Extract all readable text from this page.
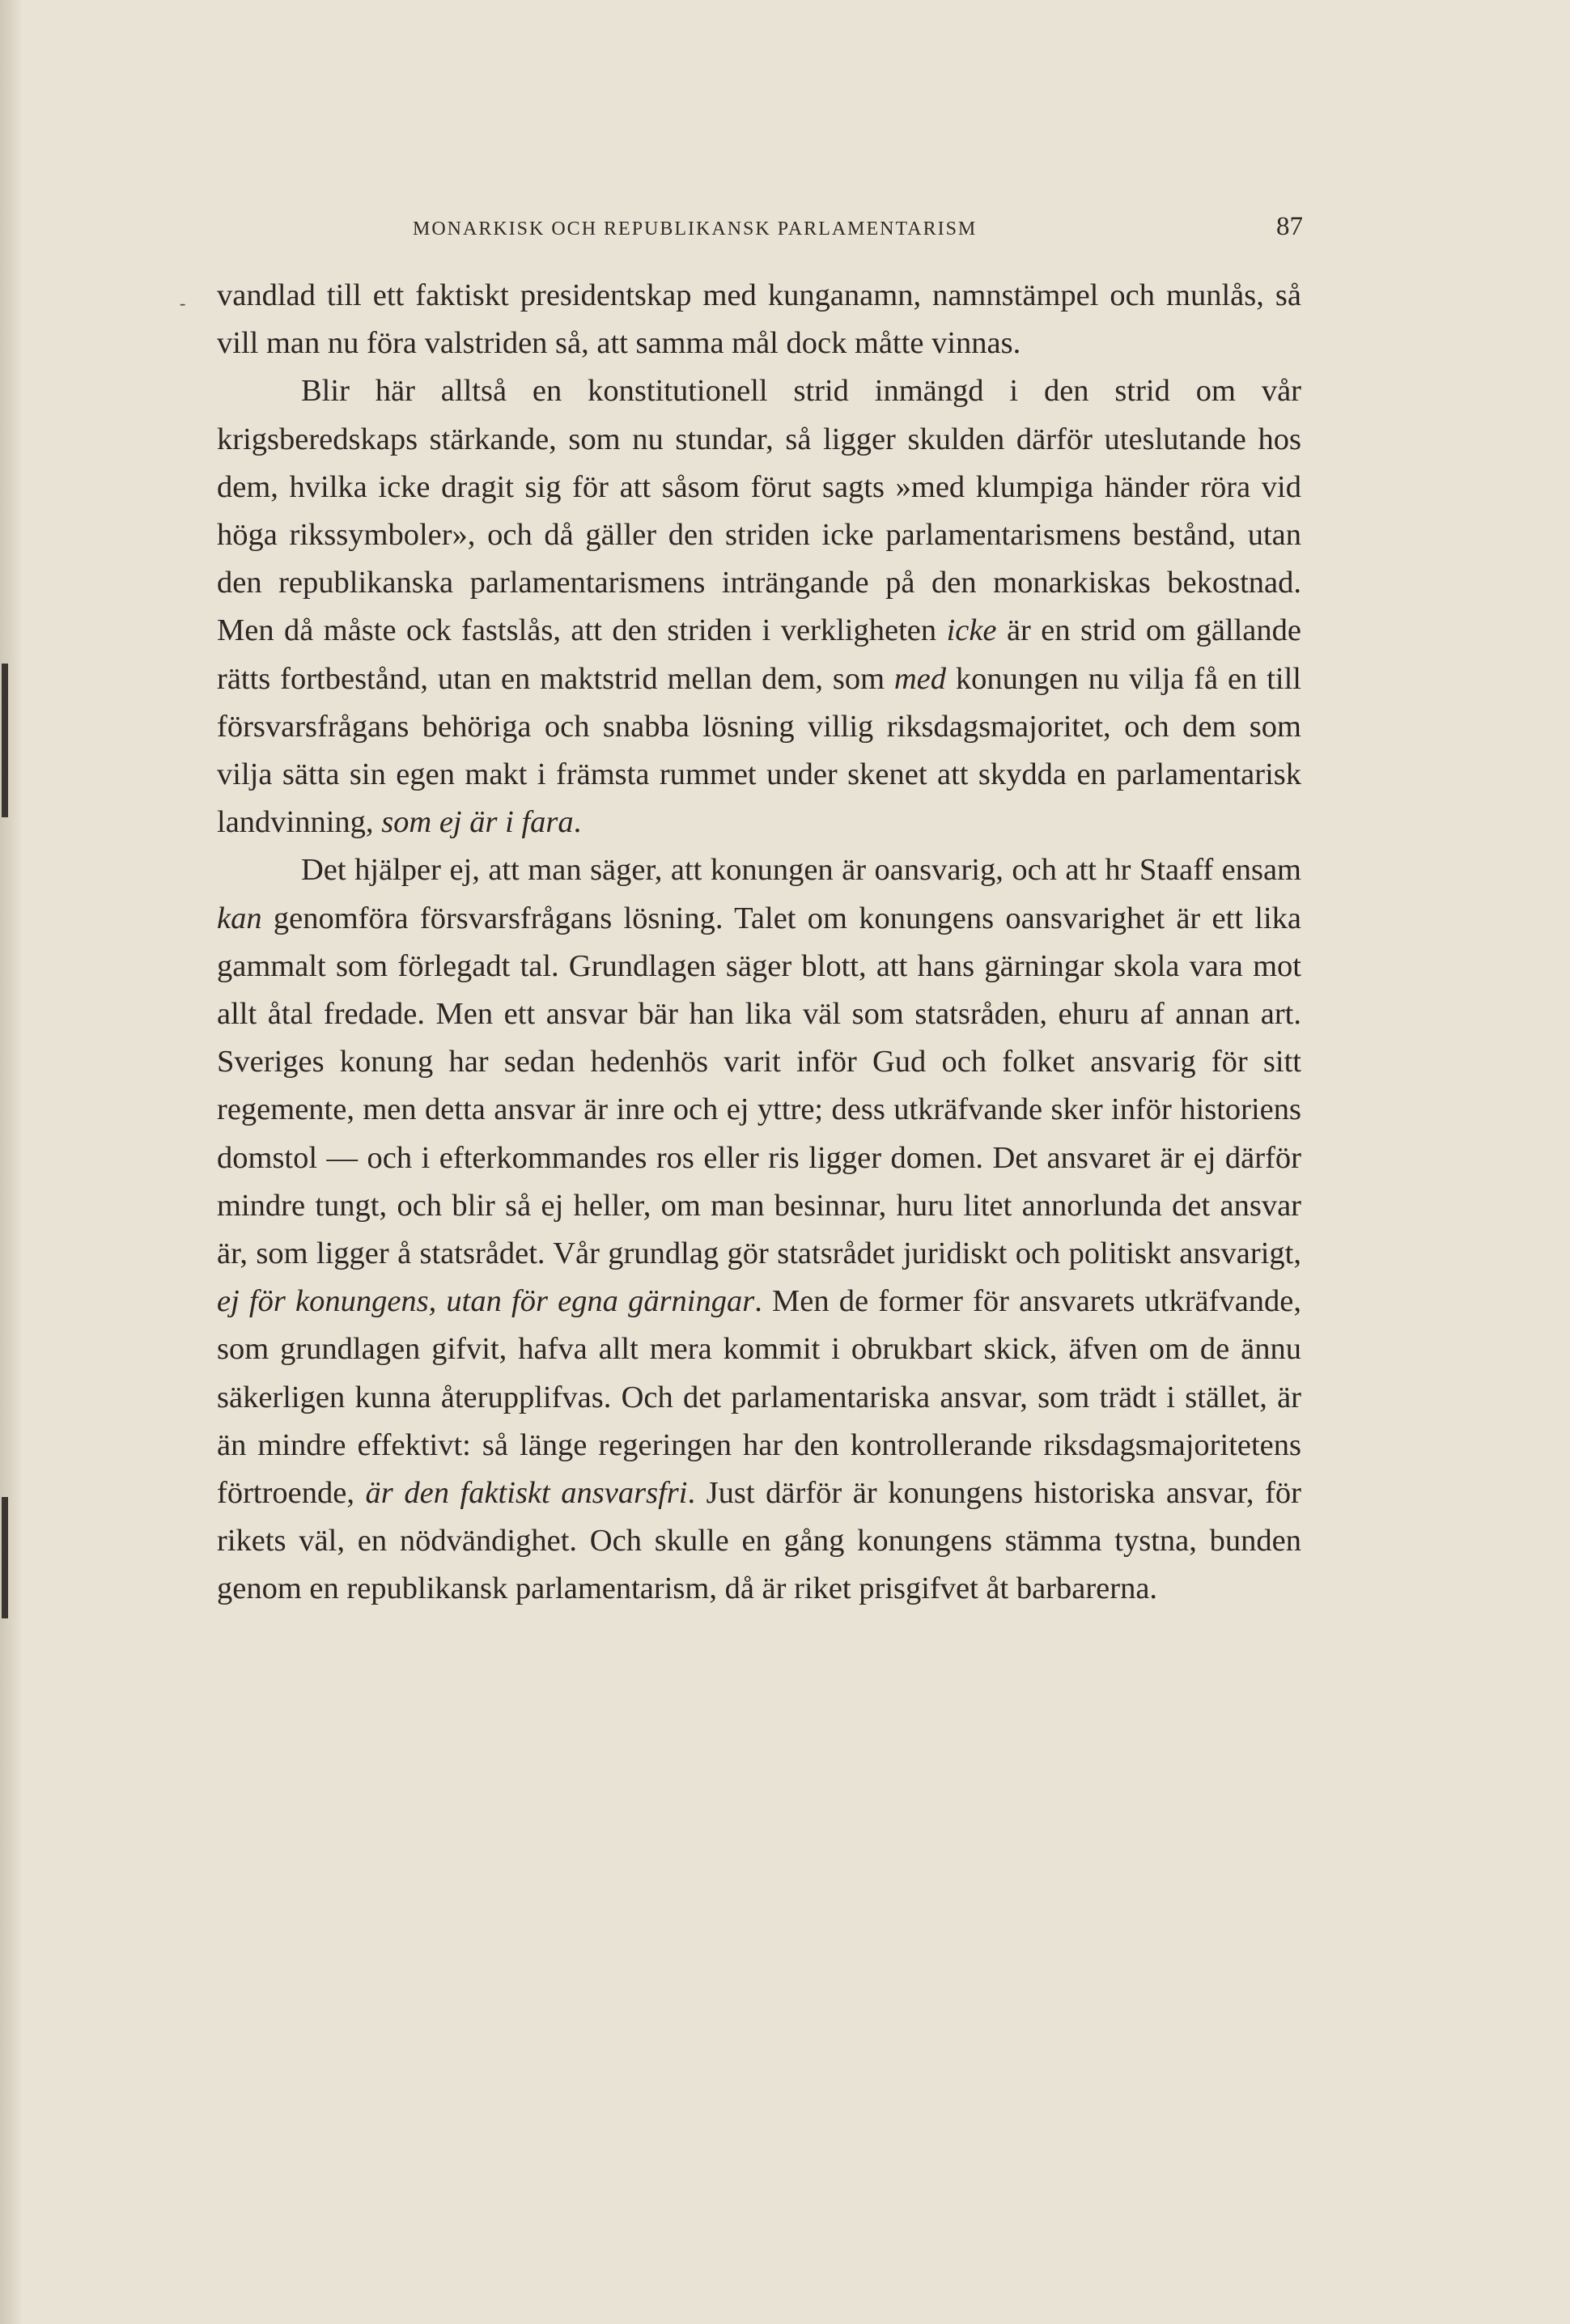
MONARKISK OCH REPUBLIKANSK PARLAMENTARISM	87
- vandlad till ett faktiskt presidentskap med kunganamn, namnstämpel och munlås, så vill man nu föra valstriden så, att samma mål dock måtte vinnas.

Blir här alltså en konstitutionell strid inmängd i den strid om vår krigsberedskaps stärkande, som nu stundar, så ligger skulden därför uteslutande hos dem, hvilka icke dragit sig för att såsom förut sagts »med klumpiga händer röra vid höga rikssymboler», och då gäller den striden icke parlamentarismens bestånd, utan den republikanska parlamentarismens inträngande på den monarkiskas bekostnad. Men då måste ock fastslås, att den striden i verkligheten icke är en strid om gällande rätts fortbestånd, utan en maktstrid mellan dem, som med konungen nu vilja få en till försvarsfrågans behöriga och snabba lösning villig riksdagsmajoritet, och dem som vilja sätta sin egen makt i främsta rummet under skenet att skydda en parlamentarisk landvinning, som ej är i fara.

Det hjälper ej, att man säger, att konungen är oansvarig, och att hr Staaff ensam kan genomföra försvarsfrågans lösning. Talet om konungens oansvarighet är ett lika gammalt som förlegadt tal. Grundlagen säger blott, att hans gärningar skola vara mot allt åtal fredade. Men ett ansvar bär han lika väl som statsråden, ehuru af annan art. Sveriges konung har sedan hedenhös varit inför Gud och folket ansvarig för sitt regemente, men detta ansvar är inre och ej yttre; dess utkräfvande sker inför historiens domstol — och i efterkommandes ros eller ris ligger domen. Det ansvaret är ej därför mindre tungt, och blir så ej heller, om man besinnar, huru litet annorlunda det ansvar är, som ligger å statsrådet. Vår grundlag gör statsrådet juridiskt och politiskt ansvarigt, ej för konungens, utan för egna gärningar. Men de former för ansvarets utkräfvande, som grundlagen gifvit, hafva allt mera kommit i obrukbart skick, äfven om de ännu säkerligen kunna återupplifvas. Och det parlamentariska ansvar, som trädt i stället, är än mindre effektivt: så länge regeringen har den kontrollerande riksdagsmajoritetens förtroende, är den faktiskt ansvarsfri. Just därför är konungens historiska ansvar, för rikets väl, en nödvändighet. Och skulle en gång konungens stämma tystna, bunden genom en republikansk parlamentarism, då är riket prisgifvet åt barbarerna.
